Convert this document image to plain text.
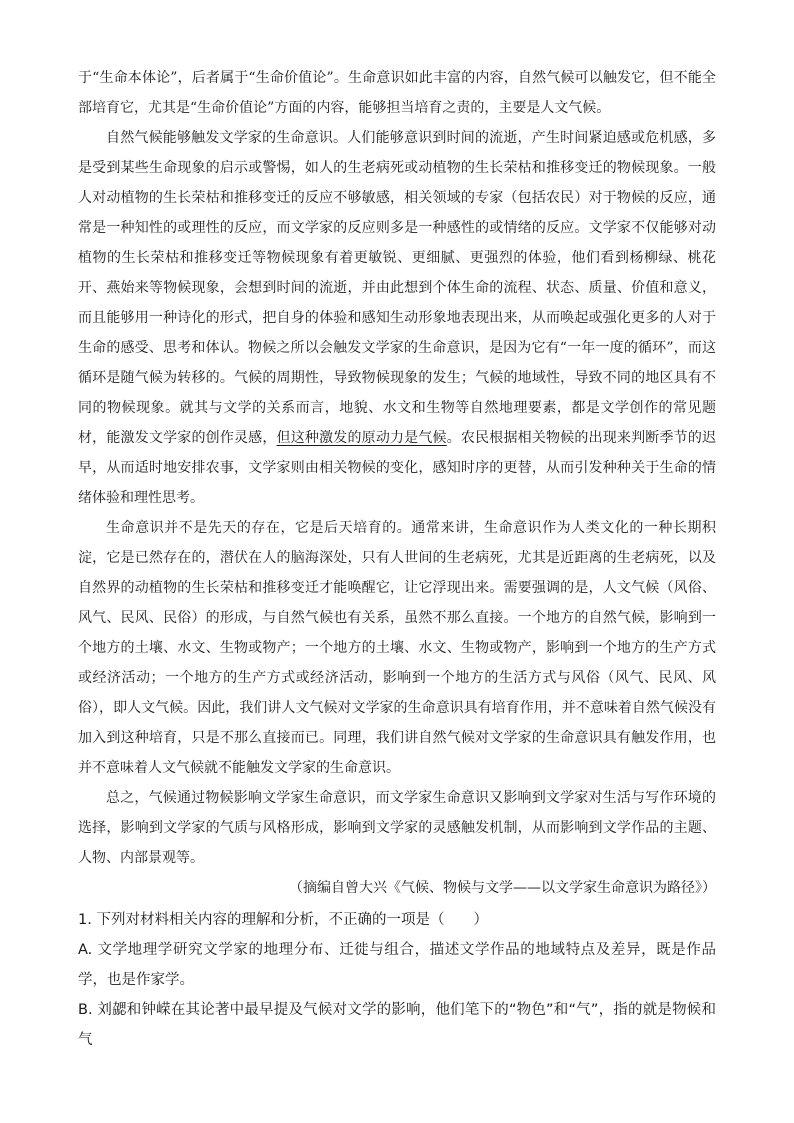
于“生命本体论”，后者属于“生命价值论”。生命意识如此丰富的内容，自然气候可以触发它，但不能全部培育它，尤其是“生命价值论”方面的内容，能够担当培育之责的，主要是人文气候。

自然气候能够触发文学家的生命意识。人们能够意识到时间的流逝，产生时间紧迫感或危机感，多是受到某些生命现象的启示或警惕，如人的生老病死或动植物的生长荣枯和推移变迁的物候现象。一般人对动植物的生长荣枯和推移变迁的反应不够敏感，相关领域的专家（包括农民）对于物候的反应，通常是一种知性的或理性的反应，而文学家的反应则多是一种感性的或情绪的反应。文学家不仅能够对动植物的生长荣枯和推移变迁等物候现象有着更敏锐、更细腻、更强烈的体验，他们看到杨柳绿、桃花开、燕始来等物候现象，会想到时间的流逝，并由此想到个体生命的流程、状态、质量、价值和意义，而且能够用一种诗化的形式，把自身的体验和感知生动形象地表现出来，从而唤起或强化更多的人对于生命的感受、思考和体认。物候之所以会触发文学家的生命意识，是因为它有“一年一度的循环”，而这循环是随气候为转移的。气候的周期性，导致物候现象的发生；气候的地域性，导致不同的地区具有不同的物候现象。就其与文学的关系而言，地貌、水文和生物等自然地理要素，都是文学创作的常见题材，能激发文学家的创作灵感，但这种激发的原动力是气候。农民根据相关物候的出现来判断季节的迟早，从而适时地安排农事，文学家则由相关物候的变化，感知时序的更替，从而引发种种关于生命的情绪体验和理性思考。

生命意识并不是先天的存在，它是后天培育的。通常来讲，生命意识作为人类文化的一种长期积淀，它是已然存在的，潜伏在人的脑海深处，只有人世间的生老病死，尤其是近距离的生老病死，以及自然界的动植物的生长荣枯和推移变迁才能唤醒它，让它浮现出来。需要强调的是，人文气候（风俗、风气、民风、民俗）的形成，与自然气候也有关系，虽然不那么直接。一个地方的自然气候，影响到一个地方的土壤、水文、生物或物产；一个地方的土壤、水文、生物或物产，影响到一个地方的生产方式或经济活动；一个地方的生产方式或经济活动，影响到一个地方的生活方式与风俗（风气、民风、风俗），即人文气候。因此，我们讲人文气候对文学家的生命意识具有培育作用，并不意味着自然气候没有加入到这种培育，只是不那么直接而已。同理，我们讲自然气候对文学家的生命意识具有触发作用，也并不意味着人文气候就不能触发文学家的生命意识。

总之，气候通过物候影响文学家生命意识，而文学家生命意识又影响到文学家对生活与写作环境的选择，影响到文学家的气质与风格形成，影响到文学家的灵感触发机制，从而影响到文学作品的主题、人物、内部景观等。

（摘编自曾大兴《气候、物候与文学——以文学家生命意识为路径》）

1. 下列对材料相关内容的理解和分析，不正确的一项是（　　）

A. 文学地理学研究文学家的地理分布、迁徙与组合，描述文学作品的地域特点及差异，既是作品学，也是作家学。

B. 刘勰和钟嵘在其论著中最早提及气候对文学的影响，他们笔下的“物色”和“气”，指的就是物候和气
